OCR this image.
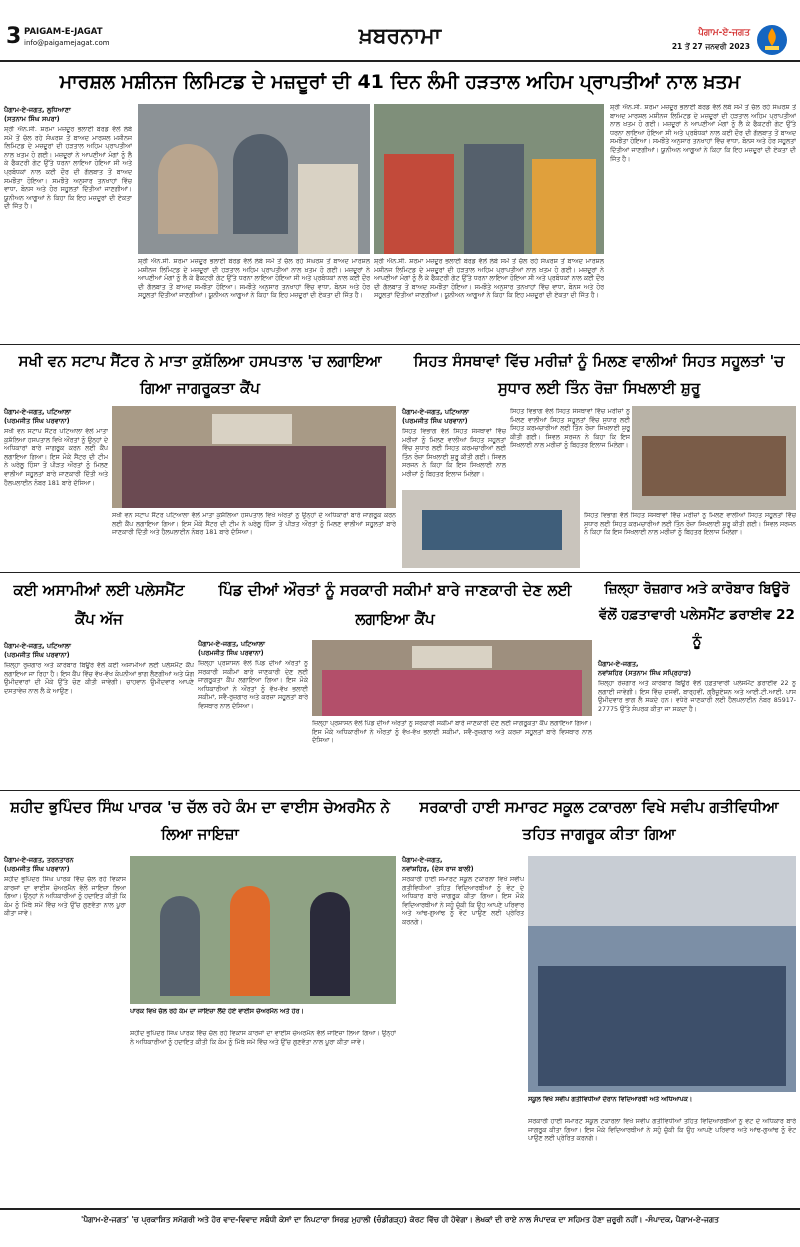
3 PAIGAM-E-JAGAT
info@paigamejagat.com	ਖ਼ਬਰਨਾਮਾ	ਪੈਗਾਮ-ਏ-ਜਗਤ
21 ਤੋਂ 27 ਜਨਵਰੀ 2023
ਮਾਰਸ਼ਲ ਮਸ਼ੀਨਜ ਲਿਮਿਟਡ ਦੇ ਮਜ਼ਦੂਰਾਂ ਦੀ 41 ਦਿਨ ਲੰਮੀ ਹੜਤਾਲ ਅਹਿਮ ਪ੍ਰਾਪਤੀਆਂ ਨਾਲ ਖ਼ਤਮ
ਪੈਗਾਮ-ਏ-ਜਗਤ, ਲੁਧਿਆਣਾ
(ਸਤਨਾਮ ਸਿੰਘ ਸਪਰਾ)

ਸ਼੍ਰੀ ਐਨ.ਸੀ. ਸ਼ਰਮਾ ਮਜ਼ਦੂਰ ਭਲਾਈ ਬੋਰਡ ਵੱਲੋਂ ਲੰਬੇ ਸਮੇਂ ਤੋਂ ਚੱਲ ਰਹੇ ਸੰਘਰਸ਼ ਤੋਂ ਬਾਅਦ ਮਾਰਸ਼ਲ ਮਸ਼ੀਨਜ ਲਿਮਿਟਡ ਦੇ ਮਜ਼ਦੂਰਾਂ ਦੀ ਹੜਤਾਲ ਅਹਿਮ ਪ੍ਰਾਪਤੀਆਂ ਨਾਲ ਖ਼ਤਮ ਹੋ ਗਈ। ਮਜ਼ਦੂਰਾਂ ਨੇ ਆਪਣੀਆਂ ਮੰਗਾਂ ਨੂੰ ਲੈ ਕੇ ਫੈਕਟਰੀ ਗੇਟ ਉੱਤੇ ਧਰਨਾ ਲਾਇਆ ਹੋਇਆ ਸੀ ਅਤੇ ਪ੍ਰਬੰਧਕਾਂ ਨਾਲ ਕਈ ਦੌਰ ਦੀ ਗੱਲਬਾਤ ਤੋਂ ਬਾਅਦ ਸਮਝੌਤਾ ਹੋਇਆ। ਸਮਝੌਤੇ ਅਨੁਸਾਰ ਤਨਖਾਹਾਂ ਵਿੱਚ ਵਾਧਾ, ਬੋਨਸ ਅਤੇ ਹੋਰ ਸਹੂਲਤਾਂ ਦਿੱਤੀਆਂ ਜਾਣਗੀਆਂ। ਯੂਨੀਅਨ ਆਗੂਆਂ ਨੇ ਕਿਹਾ ਕਿ ਇਹ ਮਜ਼ਦੂਰਾਂ ਦੀ ਏਕਤਾ ਦੀ ਜਿੱਤ ਹੈ।

ਸ਼੍ਰੀ ਐਨ.ਸੀ. ਸ਼ਰਮਾ ਮਜ਼ਦੂਰ ਭਲਾਈ ਬੋਰਡ ਵੱਲੋਂ ਲੰਬੇ ਸਮੇਂ ਤੋਂ ਚੱਲ ਰਹੇ ਸੰਘਰਸ਼ ਤੋਂ ਬਾਅਦ ਮਾਰਸ਼ਲ ਮਸ਼ੀਨਜ ਲਿਮਿਟਡ ਦੇ ਮਜ਼ਦੂਰਾਂ ਦੀ ਹੜਤਾਲ ਅਹਿਮ ਪ੍ਰਾਪਤੀਆਂ ਨਾਲ ਖ਼ਤਮ ਹੋ ਗਈ। ਮਜ਼ਦੂਰਾਂ ਨੇ ਆਪਣੀਆਂ ਮੰਗਾਂ ਨੂੰ ਲੈ ਕੇ ਫੈਕਟਰੀ ਗੇਟ ਉੱਤੇ ਧਰਨਾ ਲਾਇਆ ਹੋਇਆ ਸੀ ਅਤੇ ਪ੍ਰਬੰਧਕਾਂ ਨਾਲ ਕਈ ਦੌਰ ਦੀ ਗੱਲਬਾਤ ਤੋਂ ਬਾਅਦ ਸਮਝੌਤਾ ਹੋਇਆ। ਸਮਝੌਤੇ ਅਨੁਸਾਰ ਤਨਖਾਹਾਂ ਵਿੱਚ ਵਾਧਾ, ਬੋਨਸ ਅਤੇ ਹੋਰ ਸਹੂਲਤਾਂ ਦਿੱਤੀਆਂ ਜਾਣਗੀਆਂ। ਯੂਨੀਅਨ ਆਗੂਆਂ ਨੇ ਕਿਹਾ ਕਿ ਇਹ ਮਜ਼ਦੂਰਾਂ ਦੀ ਏਕਤਾ ਦੀ ਜਿੱਤ ਹੈ।

ਸ਼੍ਰੀ ਐਨ.ਸੀ. ਸ਼ਰਮਾ ਮਜ਼ਦੂਰ ਭਲਾਈ ਬੋਰਡ ਵੱਲੋਂ ਲੰਬੇ ਸਮੇਂ ਤੋਂ ਚੱਲ ਰਹੇ ਸੰਘਰਸ਼ ਤੋਂ ਬਾਅਦ ਮਾਰਸ਼ਲ ਮਸ਼ੀਨਜ ਲਿਮਿਟਡ ਦੇ ਮਜ਼ਦੂਰਾਂ ਦੀ ਹੜਤਾਲ ਅਹਿਮ ਪ੍ਰਾਪਤੀਆਂ ਨਾਲ ਖ਼ਤਮ ਹੋ ਗਈ। ਮਜ਼ਦੂਰਾਂ ਨੇ ਆਪਣੀਆਂ ਮੰਗਾਂ ਨੂੰ ਲੈ ਕੇ ਫੈਕਟਰੀ ਗੇਟ ਉੱਤੇ ਧਰਨਾ ਲਾਇਆ ਹੋਇਆ ਸੀ ਅਤੇ ਪ੍ਰਬੰਧਕਾਂ ਨਾਲ ਕਈ ਦੌਰ ਦੀ ਗੱਲਬਾਤ ਤੋਂ ਬਾਅਦ ਸਮਝੌਤਾ ਹੋਇਆ। ਸਮਝੌਤੇ ਅਨੁਸਾਰ ਤਨਖਾਹਾਂ ਵਿੱਚ ਵਾਧਾ, ਬੋਨਸ ਅਤੇ ਹੋਰ ਸਹੂਲਤਾਂ ਦਿੱਤੀਆਂ ਜਾਣਗੀਆਂ। ਯੂਨੀਅਨ ਆਗੂਆਂ ਨੇ ਕਿਹਾ ਕਿ ਇਹ ਮਜ਼ਦੂਰਾਂ ਦੀ ਏਕਤਾ ਦੀ ਜਿੱਤ ਹੈ।

ਸ਼੍ਰੀ ਐਨ.ਸੀ. ਸ਼ਰਮਾ ਮਜ਼ਦੂਰ ਭਲਾਈ ਬੋਰਡ ਵੱਲੋਂ ਲੰਬੇ ਸਮੇਂ ਤੋਂ ਚੱਲ ਰਹੇ ਸੰਘਰਸ਼ ਤੋਂ ਬਾਅਦ ਮਾਰਸ਼ਲ ਮਸ਼ੀਨਜ ਲਿਮਿਟਡ ਦੇ ਮਜ਼ਦੂਰਾਂ ਦੀ ਹੜਤਾਲ ਅਹਿਮ ਪ੍ਰਾਪਤੀਆਂ ਨਾਲ ਖ਼ਤਮ ਹੋ ਗਈ। ਮਜ਼ਦੂਰਾਂ ਨੇ ਆਪਣੀਆਂ ਮੰਗਾਂ ਨੂੰ ਲੈ ਕੇ ਫੈਕਟਰੀ ਗੇਟ ਉੱਤੇ ਧਰਨਾ ਲਾਇਆ ਹੋਇਆ ਸੀ ਅਤੇ ਪ੍ਰਬੰਧਕਾਂ ਨਾਲ ਕਈ ਦੌਰ ਦੀ ਗੱਲਬਾਤ ਤੋਂ ਬਾਅਦ ਸਮਝੌਤਾ ਹੋਇਆ। ਸਮਝੌਤੇ ਅਨੁਸਾਰ ਤਨਖਾਹਾਂ ਵਿੱਚ ਵਾਧਾ, ਬੋਨਸ ਅਤੇ ਹੋਰ ਸਹੂਲਤਾਂ ਦਿੱਤੀਆਂ ਜਾਣਗੀਆਂ। ਯੂਨੀਅਨ ਆਗੂਆਂ ਨੇ ਕਿਹਾ ਕਿ ਇਹ ਮਜ਼ਦੂਰਾਂ ਦੀ ਏਕਤਾ ਦੀ ਜਿੱਤ ਹੈ।

ਸਖੀ ਵਨ ਸਟਾਪ ਸੈਂਟਰ ਨੇ ਮਾਤਾ ਕੁਸ਼ੱਲਿਆ ਹਸਪਤਾਲ 'ਚ ਲਗਾਇਆ ਗਿਆ ਜਾਗਰੂਕਤਾ ਕੈਂਪ
ਪੈਗਾਮ-ਏ-ਜਗਤ, ਪਟਿਆਲਾ
(ਪਰਮਜੀਤ ਸਿੰਘ ਪਰਵਾਨਾ)

ਸਖੀ ਵਨ ਸਟਾਪ ਸੈਂਟਰ ਪਟਿਆਲਾ ਵੱਲੋਂ ਮਾਤਾ ਕੁਸ਼ੱਲਿਆ ਹਸਪਤਾਲ ਵਿਖੇ ਔਰਤਾਂ ਨੂੰ ਉਨ੍ਹਾਂ ਦੇ ਅਧਿਕਾਰਾਂ ਬਾਰੇ ਜਾਗਰੂਕ ਕਰਨ ਲਈ ਕੈਂਪ ਲਗਾਇਆ ਗਿਆ। ਇਸ ਮੌਕੇ ਸੈਂਟਰ ਦੀ ਟੀਮ ਨੇ ਘਰੇਲੂ ਹਿੰਸਾ ਤੋਂ ਪੀੜਤ ਔਰਤਾਂ ਨੂੰ ਮਿਲਣ ਵਾਲੀਆਂ ਸਹੂਲਤਾਂ ਬਾਰੇ ਜਾਣਕਾਰੀ ਦਿੱਤੀ ਅਤੇ ਹੈਲਪਲਾਈਨ ਨੰਬਰ 181 ਬਾਰੇ ਦੱਸਿਆ।

ਸਖੀ ਵਨ ਸਟਾਪ ਸੈਂਟਰ ਪਟਿਆਲਾ ਵੱਲੋਂ ਮਾਤਾ ਕੁਸ਼ੱਲਿਆ ਹਸਪਤਾਲ ਵਿਖੇ ਔਰਤਾਂ ਨੂੰ ਉਨ੍ਹਾਂ ਦੇ ਅਧਿਕਾਰਾਂ ਬਾਰੇ ਜਾਗਰੂਕ ਕਰਨ ਲਈ ਕੈਂਪ ਲਗਾਇਆ ਗਿਆ। ਇਸ ਮੌਕੇ ਸੈਂਟਰ ਦੀ ਟੀਮ ਨੇ ਘਰੇਲੂ ਹਿੰਸਾ ਤੋਂ ਪੀੜਤ ਔਰਤਾਂ ਨੂੰ ਮਿਲਣ ਵਾਲੀਆਂ ਸਹੂਲਤਾਂ ਬਾਰੇ ਜਾਣਕਾਰੀ ਦਿੱਤੀ ਅਤੇ ਹੈਲਪਲਾਈਨ ਨੰਬਰ 181 ਬਾਰੇ ਦੱਸਿਆ।

ਸਿਹਤ ਸੰਸਥਾਵਾਂ ਵਿੱਚ ਮਰੀਜ਼ਾਂ ਨੂੰ ਮਿਲਣ ਵਾਲੀਆਂ ਸਿਹਤ ਸਹੂਲਤਾਂ 'ਚ ਸੁਧਾਰ ਲਈ ਤਿੰਨ ਰੋਜ਼ਾ ਸਿਖਲਾਈ ਸ਼ੁਰੂ
ਪੈਗਾਮ-ਏ-ਜਗਤ, ਪਟਿਆਲਾ
(ਪਰਮਜੀਤ ਸਿੰਘ ਪਰਵਾਨਾ)

ਸਿਹਤ ਵਿਭਾਗ ਵੱਲੋਂ ਸਿਹਤ ਸੰਸਥਾਵਾਂ ਵਿੱਚ ਮਰੀਜ਼ਾਂ ਨੂੰ ਮਿਲਣ ਵਾਲੀਆਂ ਸਿਹਤ ਸਹੂਲਤਾਂ ਵਿੱਚ ਸੁਧਾਰ ਲਈ ਸਿਹਤ ਕਰਮਚਾਰੀਆਂ ਲਈ ਤਿੰਨ ਰੋਜ਼ਾ ਸਿਖਲਾਈ ਸ਼ੁਰੂ ਕੀਤੀ ਗਈ। ਸਿਵਲ ਸਰਜਨ ਨੇ ਕਿਹਾ ਕਿ ਇਸ ਸਿਖਲਾਈ ਨਾਲ ਮਰੀਜ਼ਾਂ ਨੂੰ ਬਿਹਤਰ ਇਲਾਜ ਮਿਲੇਗਾ।

ਸਿਹਤ ਵਿਭਾਗ ਵੱਲੋਂ ਸਿਹਤ ਸੰਸਥਾਵਾਂ ਵਿੱਚ ਮਰੀਜ਼ਾਂ ਨੂੰ ਮਿਲਣ ਵਾਲੀਆਂ ਸਿਹਤ ਸਹੂਲਤਾਂ ਵਿੱਚ ਸੁਧਾਰ ਲਈ ਸਿਹਤ ਕਰਮਚਾਰੀਆਂ ਲਈ ਤਿੰਨ ਰੋਜ਼ਾ ਸਿਖਲਾਈ ਸ਼ੁਰੂ ਕੀਤੀ ਗਈ। ਸਿਵਲ ਸਰਜਨ ਨੇ ਕਿਹਾ ਕਿ ਇਸ ਸਿਖਲਾਈ ਨਾਲ ਮਰੀਜ਼ਾਂ ਨੂੰ ਬਿਹਤਰ ਇਲਾਜ ਮਿਲੇਗਾ।

ਸਿਹਤ ਵਿਭਾਗ ਵੱਲੋਂ ਸਿਹਤ ਸੰਸਥਾਵਾਂ ਵਿੱਚ ਮਰੀਜ਼ਾਂ ਨੂੰ ਮਿਲਣ ਵਾਲੀਆਂ ਸਿਹਤ ਸਹੂਲਤਾਂ ਵਿੱਚ ਸੁਧਾਰ ਲਈ ਸਿਹਤ ਕਰਮਚਾਰੀਆਂ ਲਈ ਤਿੰਨ ਰੋਜ਼ਾ ਸਿਖਲਾਈ ਸ਼ੁਰੂ ਕੀਤੀ ਗਈ। ਸਿਵਲ ਸਰਜਨ ਨੇ ਕਿਹਾ ਕਿ ਇਸ ਸਿਖਲਾਈ ਨਾਲ ਮਰੀਜ਼ਾਂ ਨੂੰ ਬਿਹਤਰ ਇਲਾਜ ਮਿਲੇਗਾ।

ਕਈ ਅਸਾਮੀਆਂ ਲਈ ਪਲੇਸਮੈਂਟ ਕੈਂਪ ਅੱਜ
ਪੈਗਾਮ-ਏ-ਜਗਤ, ਪਟਿਆਲਾ
(ਪਰਮਜੀਤ ਸਿੰਘ ਪਰਵਾਨਾ)

ਜ਼ਿਲ੍ਹਾ ਰੁਜ਼ਗਾਰ ਅਤੇ ਕਾਰੋਬਾਰ ਬਿਊਰੋ ਵੱਲੋਂ ਕਈ ਅਸਾਮੀਆਂ ਲਈ ਪਲੇਸਮੈਂਟ ਕੈਂਪ ਲਗਾਇਆ ਜਾ ਰਿਹਾ ਹੈ। ਇਸ ਕੈਂਪ ਵਿੱਚ ਵੱਖ-ਵੱਖ ਕੰਪਨੀਆਂ ਭਾਗ ਲੈਣਗੀਆਂ ਅਤੇ ਯੋਗ ਉਮੀਦਵਾਰਾਂ ਦੀ ਮੌਕੇ ਉੱਤੇ ਚੋਣ ਕੀਤੀ ਜਾਵੇਗੀ। ਚਾਹਵਾਨ ਉਮੀਦਵਾਰ ਆਪਣੇ ਦਸਤਾਵੇਜ਼ ਨਾਲ ਲੈ ਕੇ ਆਉਣ।

ਪਿੰਡ ਦੀਆਂ ਔਰਤਾਂ ਨੂੰ ਸਰਕਾਰੀ ਸਕੀਮਾਂ ਬਾਰੇ ਜਾਣਕਾਰੀ ਦੇਣ ਲਈ ਲਗਾਇਆ ਕੈਂਪ
ਪੈਗਾਮ-ਏ-ਜਗਤ, ਪਟਿਆਲਾ
(ਪਰਮਜੀਤ ਸਿੰਘ ਪਰਵਾਨਾ)

ਜ਼ਿਲ੍ਹਾ ਪ੍ਰਸ਼ਾਸਨ ਵੱਲੋਂ ਪਿੰਡ ਦੀਆਂ ਔਰਤਾਂ ਨੂੰ ਸਰਕਾਰੀ ਸਕੀਮਾਂ ਬਾਰੇ ਜਾਣਕਾਰੀ ਦੇਣ ਲਈ ਜਾਗਰੂਕਤਾ ਕੈਂਪ ਲਗਾਇਆ ਗਿਆ। ਇਸ ਮੌਕੇ ਅਧਿਕਾਰੀਆਂ ਨੇ ਔਰਤਾਂ ਨੂੰ ਵੱਖ-ਵੱਖ ਭਲਾਈ ਸਕੀਮਾਂ, ਸਵੈ-ਰੁਜ਼ਗਾਰ ਅਤੇ ਕਰਜ਼ਾ ਸਹੂਲਤਾਂ ਬਾਰੇ ਵਿਸਥਾਰ ਨਾਲ ਦੱਸਿਆ।

ਜ਼ਿਲ੍ਹਾ ਪ੍ਰਸ਼ਾਸਨ ਵੱਲੋਂ ਪਿੰਡ ਦੀਆਂ ਔਰਤਾਂ ਨੂੰ ਸਰਕਾਰੀ ਸਕੀਮਾਂ ਬਾਰੇ ਜਾਣਕਾਰੀ ਦੇਣ ਲਈ ਜਾਗਰੂਕਤਾ ਕੈਂਪ ਲਗਾਇਆ ਗਿਆ। ਇਸ ਮੌਕੇ ਅਧਿਕਾਰੀਆਂ ਨੇ ਔਰਤਾਂ ਨੂੰ ਵੱਖ-ਵੱਖ ਭਲਾਈ ਸਕੀਮਾਂ, ਸਵੈ-ਰੁਜ਼ਗਾਰ ਅਤੇ ਕਰਜ਼ਾ ਸਹੂਲਤਾਂ ਬਾਰੇ ਵਿਸਥਾਰ ਨਾਲ ਦੱਸਿਆ।

ਜ਼ਿਲ੍ਹਾ ਰੋਜ਼ਗਾਰ ਅਤੇ ਕਾਰੋਬਾਰ ਬਿਊਰੋ ਵੱਲੋਂ ਹਫ਼ਤਾਵਾਰੀ ਪਲੇਸਮੈਂਟ ਡਰਾਈਵ 22 ਨੂੰ
ਪੈਗਾਮ-ਏ-ਜਗਤ,
ਨਵਾਂਸ਼ਹਿਰ (ਸਤਨਾਮ ਸਿੰਘ ਸਪ੍ਰਿਹਾੜ)

ਜ਼ਿਲ੍ਹਾ ਰੋਜ਼ਗਾਰ ਅਤੇ ਕਾਰੋਬਾਰ ਬਿਊਰੋ ਵੱਲੋਂ ਹਫ਼ਤਾਵਾਰੀ ਪਲੇਸਮੈਂਟ ਡਰਾਈਵ 22 ਨੂੰ ਲਗਾਈ ਜਾਵੇਗੀ। ਇਸ ਵਿੱਚ ਦਸਵੀਂ, ਬਾਰ੍ਹਵੀਂ, ਗ੍ਰੈਜੂਏਸ਼ਨ ਅਤੇ ਆਈ.ਟੀ.ਆਈ. ਪਾਸ ਉਮੀਦਵਾਰ ਭਾਗ ਲੈ ਸਕਦੇ ਹਨ। ਵਧੇਰੇ ਜਾਣਕਾਰੀ ਲਈ ਹੈਲਪਲਾਈਨ ਨੰਬਰ 85917-27775 ਉੱਤੇ ਸੰਪਰਕ ਕੀਤਾ ਜਾ ਸਕਦਾ ਹੈ।

ਸ਼ਹੀਦ ਭੁਪਿੰਦਰ ਸਿੰਘ ਪਾਰਕ 'ਚ ਚੱਲ ਰਹੇ ਕੰਮ ਦਾ ਵਾਈਸ ਚੇਅਰਮੈਨ ਨੇ ਲਿਆ ਜਾਇਜ਼ਾ
ਪੈਗਾਮ-ਏ-ਜਗਤ, ਤਰਨਤਾਰਨ
(ਪਰਮਜੀਤ ਸਿੰਘ ਪਰਵਾਨਾ)

ਸ਼ਹੀਦ ਭੁਪਿੰਦਰ ਸਿੰਘ ਪਾਰਕ ਵਿੱਚ ਚੱਲ ਰਹੇ ਵਿਕਾਸ ਕਾਰਜਾਂ ਦਾ ਵਾਈਸ ਚੇਅਰਮੈਨ ਵੱਲੋਂ ਜਾਇਜ਼ਾ ਲਿਆ ਗਿਆ। ਉਨ੍ਹਾਂ ਨੇ ਅਧਿਕਾਰੀਆਂ ਨੂੰ ਹਦਾਇਤ ਕੀਤੀ ਕਿ ਕੰਮ ਨੂੰ ਮਿੱਥੇ ਸਮੇਂ ਵਿੱਚ ਅਤੇ ਉੱਚ ਗੁਣਵੱਤਾ ਨਾਲ ਪੂਰਾ ਕੀਤਾ ਜਾਵੇ।

ਪਾਰਕ ਵਿਖੇ ਚੱਲ ਰਹੇ ਕੰਮ ਦਾ ਜਾਇਜ਼ਾ ਲੈਂਦੇ ਹੋਏ ਵਾਈਸ ਚੇਅਰਮੈਨ ਅਤੇ ਹੋਰ।

ਸ਼ਹੀਦ ਭੁਪਿੰਦਰ ਸਿੰਘ ਪਾਰਕ ਵਿੱਚ ਚੱਲ ਰਹੇ ਵਿਕਾਸ ਕਾਰਜਾਂ ਦਾ ਵਾਈਸ ਚੇਅਰਮੈਨ ਵੱਲੋਂ ਜਾਇਜ਼ਾ ਲਿਆ ਗਿਆ। ਉਨ੍ਹਾਂ ਨੇ ਅਧਿਕਾਰੀਆਂ ਨੂੰ ਹਦਾਇਤ ਕੀਤੀ ਕਿ ਕੰਮ ਨੂੰ ਮਿੱਥੇ ਸਮੇਂ ਵਿੱਚ ਅਤੇ ਉੱਚ ਗੁਣਵੱਤਾ ਨਾਲ ਪੂਰਾ ਕੀਤਾ ਜਾਵੇ।

ਸਰਕਾਰੀ ਹਾਈ ਸਮਾਰਟ ਸਕੂਲ ਟਕਾਰਲਾ ਵਿਖੇ ਸਵੀਪ ਗਤੀਵਿਧੀਆ ਤਹਿਤ ਜਾਗਰੂਕ ਕੀਤਾ ਗਿਆ
ਪੈਗਾਮ-ਏ-ਜਗਤ,
ਨਵਾਂਸ਼ਹਿਰ, (ਦੇਸ ਰਾਜ ਬਾਲੀ)

ਸਰਕਾਰੀ ਹਾਈ ਸਮਾਰਟ ਸਕੂਲ ਟਕਾਰਲਾ ਵਿਖੇ ਸਵੀਪ ਗਤੀਵਿਧੀਆਂ ਤਹਿਤ ਵਿਦਿਆਰਥੀਆਂ ਨੂੰ ਵੋਟ ਦੇ ਅਧਿਕਾਰ ਬਾਰੇ ਜਾਗਰੂਕ ਕੀਤਾ ਗਿਆ। ਇਸ ਮੌਕੇ ਵਿਦਿਆਰਥੀਆਂ ਨੇ ਸਹੁੰ ਚੁੱਕੀ ਕਿ ਉਹ ਆਪਣੇ ਪਰਿਵਾਰ ਅਤੇ ਆਂਢ-ਗੁਆਂਢ ਨੂੰ ਵੋਟ ਪਾਉਣ ਲਈ ਪ੍ਰੇਰਿਤ ਕਰਨਗੇ।

ਸਕੂਲ ਵਿਖੇ ਸਵੀਪ ਗਤੀਵਿਧੀਆਂ ਦੌਰਾਨ ਵਿਦਿਆਰਥੀ ਅਤੇ ਅਧਿਆਪਕ।

ਸਰਕਾਰੀ ਹਾਈ ਸਮਾਰਟ ਸਕੂਲ ਟਕਾਰਲਾ ਵਿਖੇ ਸਵੀਪ ਗਤੀਵਿਧੀਆਂ ਤਹਿਤ ਵਿਦਿਆਰਥੀਆਂ ਨੂੰ ਵੋਟ ਦੇ ਅਧਿਕਾਰ ਬਾਰੇ ਜਾਗਰੂਕ ਕੀਤਾ ਗਿਆ। ਇਸ ਮੌਕੇ ਵਿਦਿਆਰਥੀਆਂ ਨੇ ਸਹੁੰ ਚੁੱਕੀ ਕਿ ਉਹ ਆਪਣੇ ਪਰਿਵਾਰ ਅਤੇ ਆਂਢ-ਗੁਆਂਢ ਨੂੰ ਵੋਟ ਪਾਉਣ ਲਈ ਪ੍ਰੇਰਿਤ ਕਰਨਗੇ।

'ਪੈਗਾਮ-ਏ-ਜਗਤ' 'ਚ ਪ੍ਰਕਾਸ਼ਿਤ ਸਮੱਗਰੀ ਅਤੇ ਹੋਰ ਵਾਦ-ਵਿਵਾਦ ਸਬੰਧੀ ਕੇਸਾਂ ਦਾ ਨਿਪਟਾਰਾ ਸਿਰਫ਼ ਮੁਹਾਲੀ (ਚੰਡੀਗੜ੍ਹ) ਕੋਰਟ ਵਿੱਚ ਹੀ ਹੋਵੇਗਾ। ਲੇਖਕਾਂ ਦੀ ਰਾਏ ਨਾਲ ਸੰਪਾਦਕ ਦਾ ਸਹਿਮਤ ਹੋਣਾ ਜ਼ਰੂਰੀ ਨਹੀਂ। -ਸੰਪਾਦਕ, ਪੈਗਾਮ-ਏ-ਜਗਤ
